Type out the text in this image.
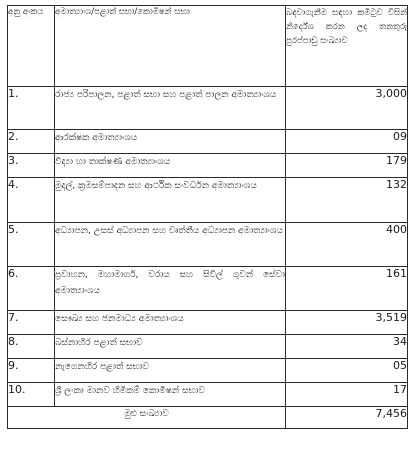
අනු අංකය	අමාත්‍යාංශ/පළාත් සභා/කොමිෂන් සභා	බඳවාගැනීම සඳහා කමිටුව විසින් නිර්දේශ කරන ලද තනතුරු පුරප්පාඩු සංඛ්‍යාව

1.	රාජ්‍ය පරිපාලන, පළාත් සභා සහ පළාත් පාලන අමාත්‍යාංශය	3,000
2.	ආරක්ෂක අමාත්‍යාංශය	09
3.	විද්‍යා හා තාක්ෂණ අමාත්‍යාංශය	179
4.	මුදල්, ක්‍රමසම්පාදන සහ ආර්ථික සංවර්ධන අමාත්‍යාංශය	132
5.	අධ්‍යාපන, උසස් අධ්‍යාපන සහ වෘත්තීය අධ්‍යාපන අමාත්‍යාංශය	400
6.	ප්‍රවාහන, මහාමාර්ග, වරාය සහ සිවිල් ගුවන් සේවා අමාත්‍යාංශය	161
7.	සෞඛ්‍ය සහ ජනමාධ්‍ය අමාත්‍යාංශය	3,519
8.	බස්නාහිර පළාත් සභාව	34
9.	නැගෙනහිර පළාත් සභාව	05
10.	ශ්‍රී ලංකා මානව හිමිකම් කොමිෂන් සභාව	17
මුළු සංඛ්‍යාව		7,456
